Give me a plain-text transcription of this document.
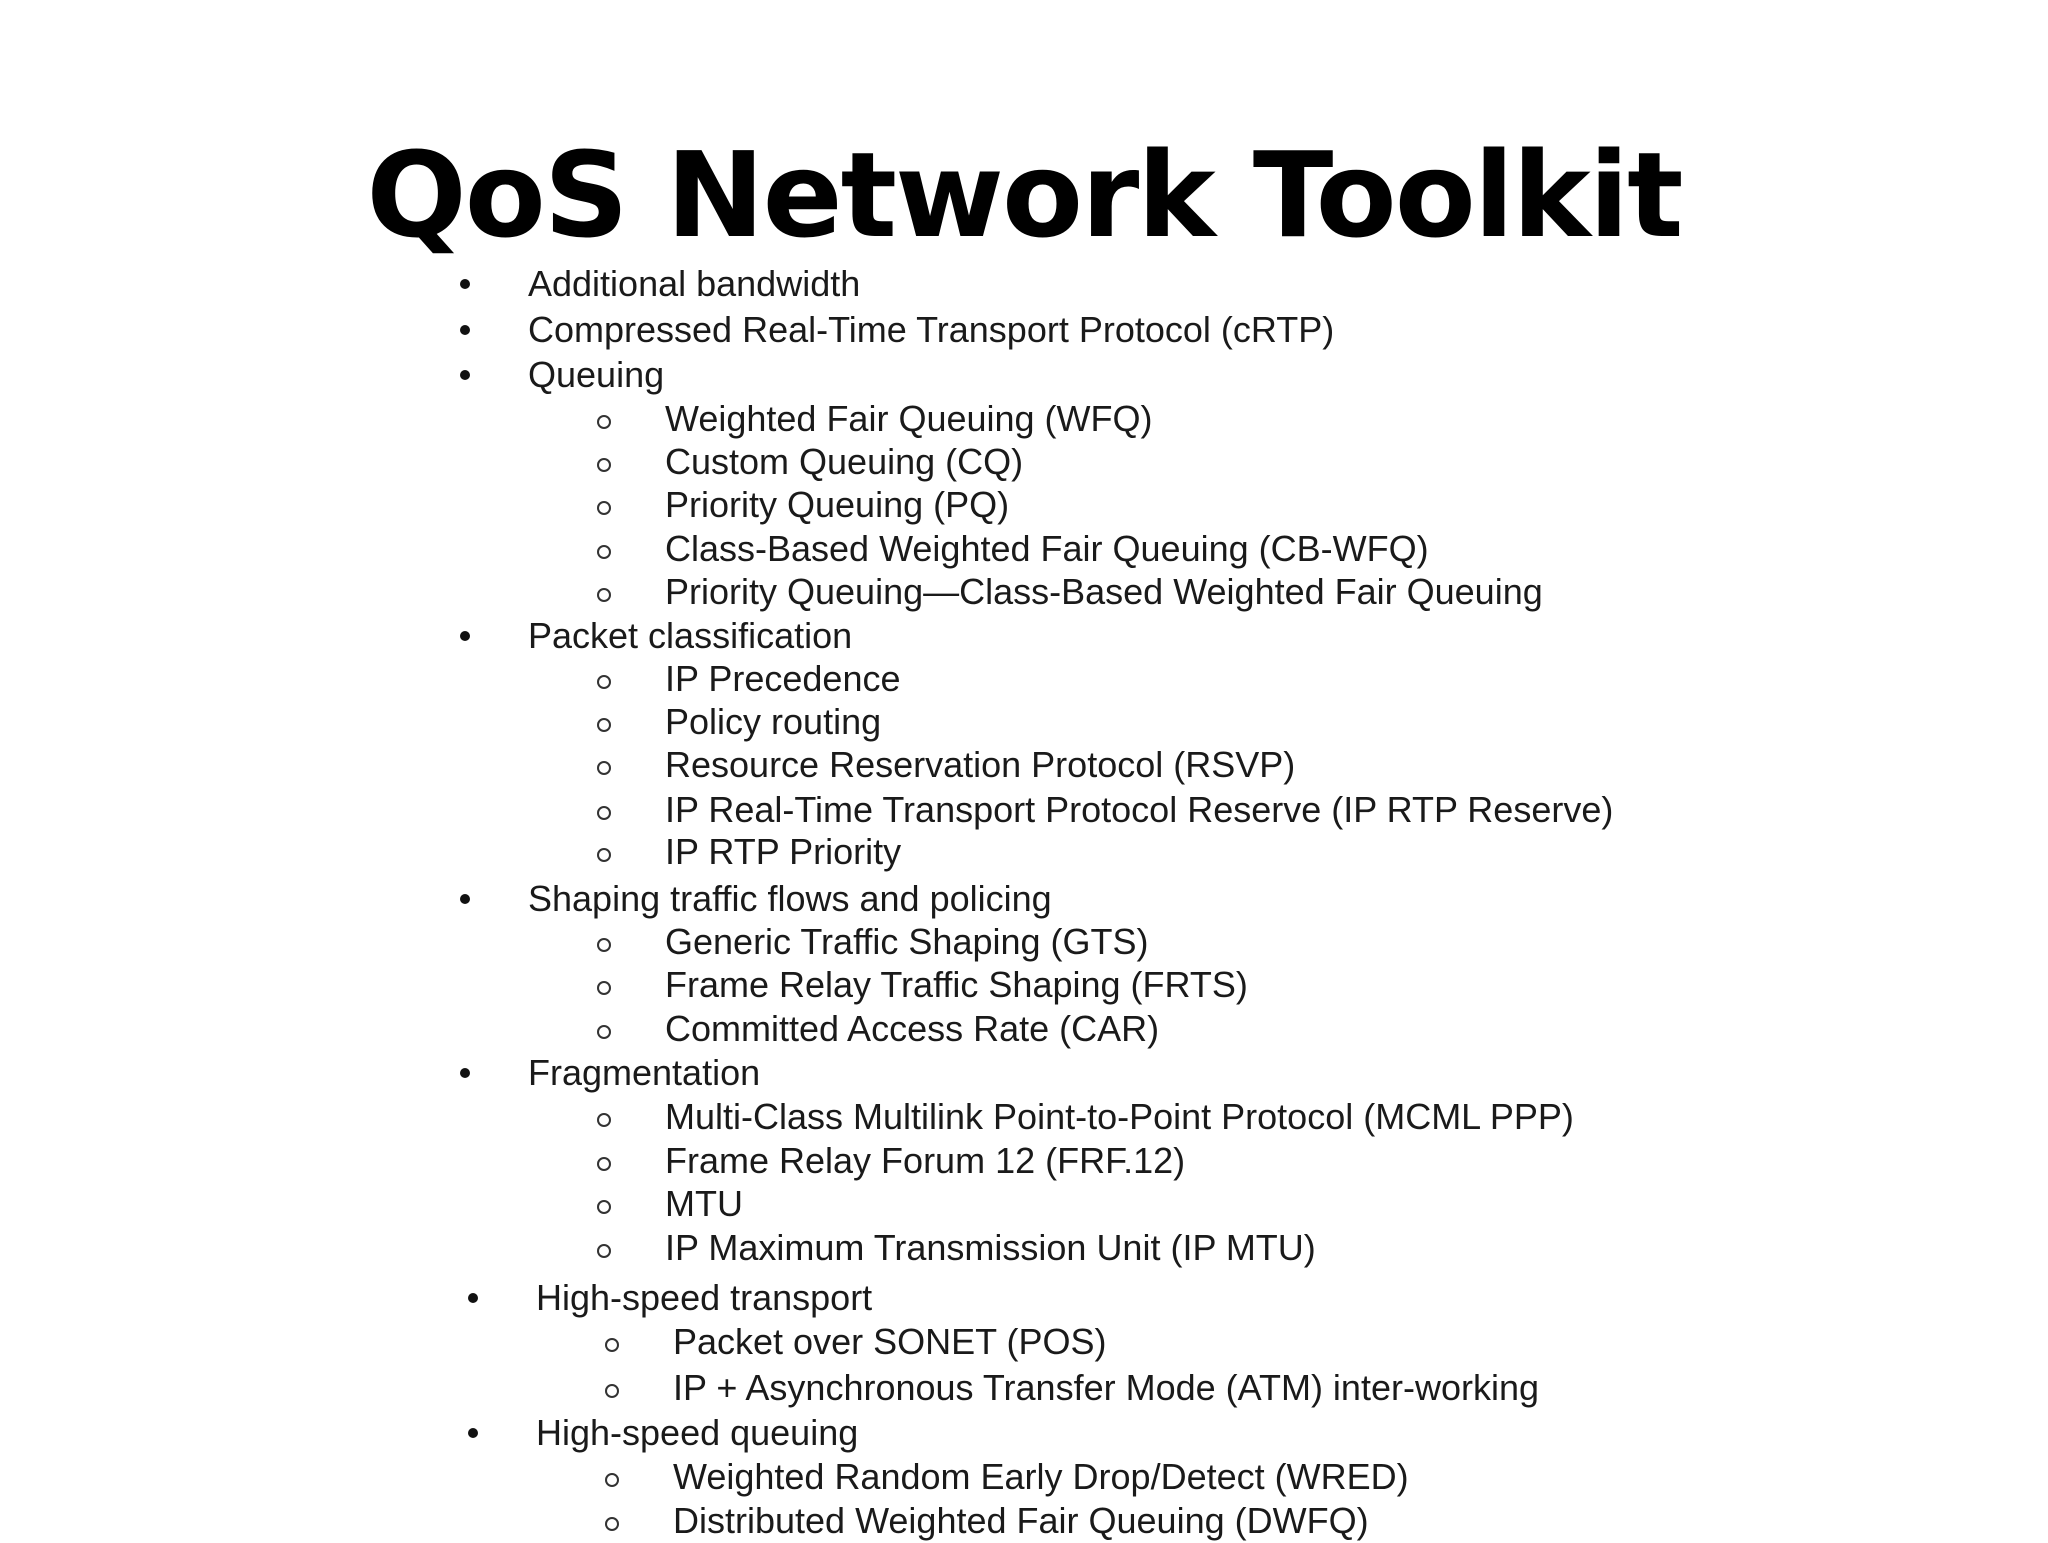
QoS Network Toolkit
Additional bandwidth
Compressed Real-Time Transport Protocol (cRTP)
Queuing
Weighted Fair Queuing (WFQ)
Custom Queuing (CQ)
Priority Queuing (PQ)
Class-Based Weighted Fair Queuing (CB-WFQ)
Priority Queuing—Class-Based Weighted Fair Queuing
Packet classification
IP Precedence
Policy routing
Resource Reservation Protocol (RSVP)
IP Real-Time Transport Protocol Reserve (IP RTP Reserve)
IP RTP Priority
Shaping traffic flows and policing
Generic Traffic Shaping (GTS)
Frame Relay Traffic Shaping (FRTS)
Committed Access Rate (CAR)
Fragmentation
Multi-Class Multilink Point-to-Point Protocol (MCML PPP)
Frame Relay Forum 12 (FRF.12)
MTU
IP Maximum Transmission Unit (IP MTU)
High-speed transport
Packet over SONET (POS)
IP + Asynchronous Transfer Mode (ATM) inter-working
High-speed queuing
Weighted Random Early Drop/Detect (WRED)
Distributed Weighted Fair Queuing (DWFQ)
